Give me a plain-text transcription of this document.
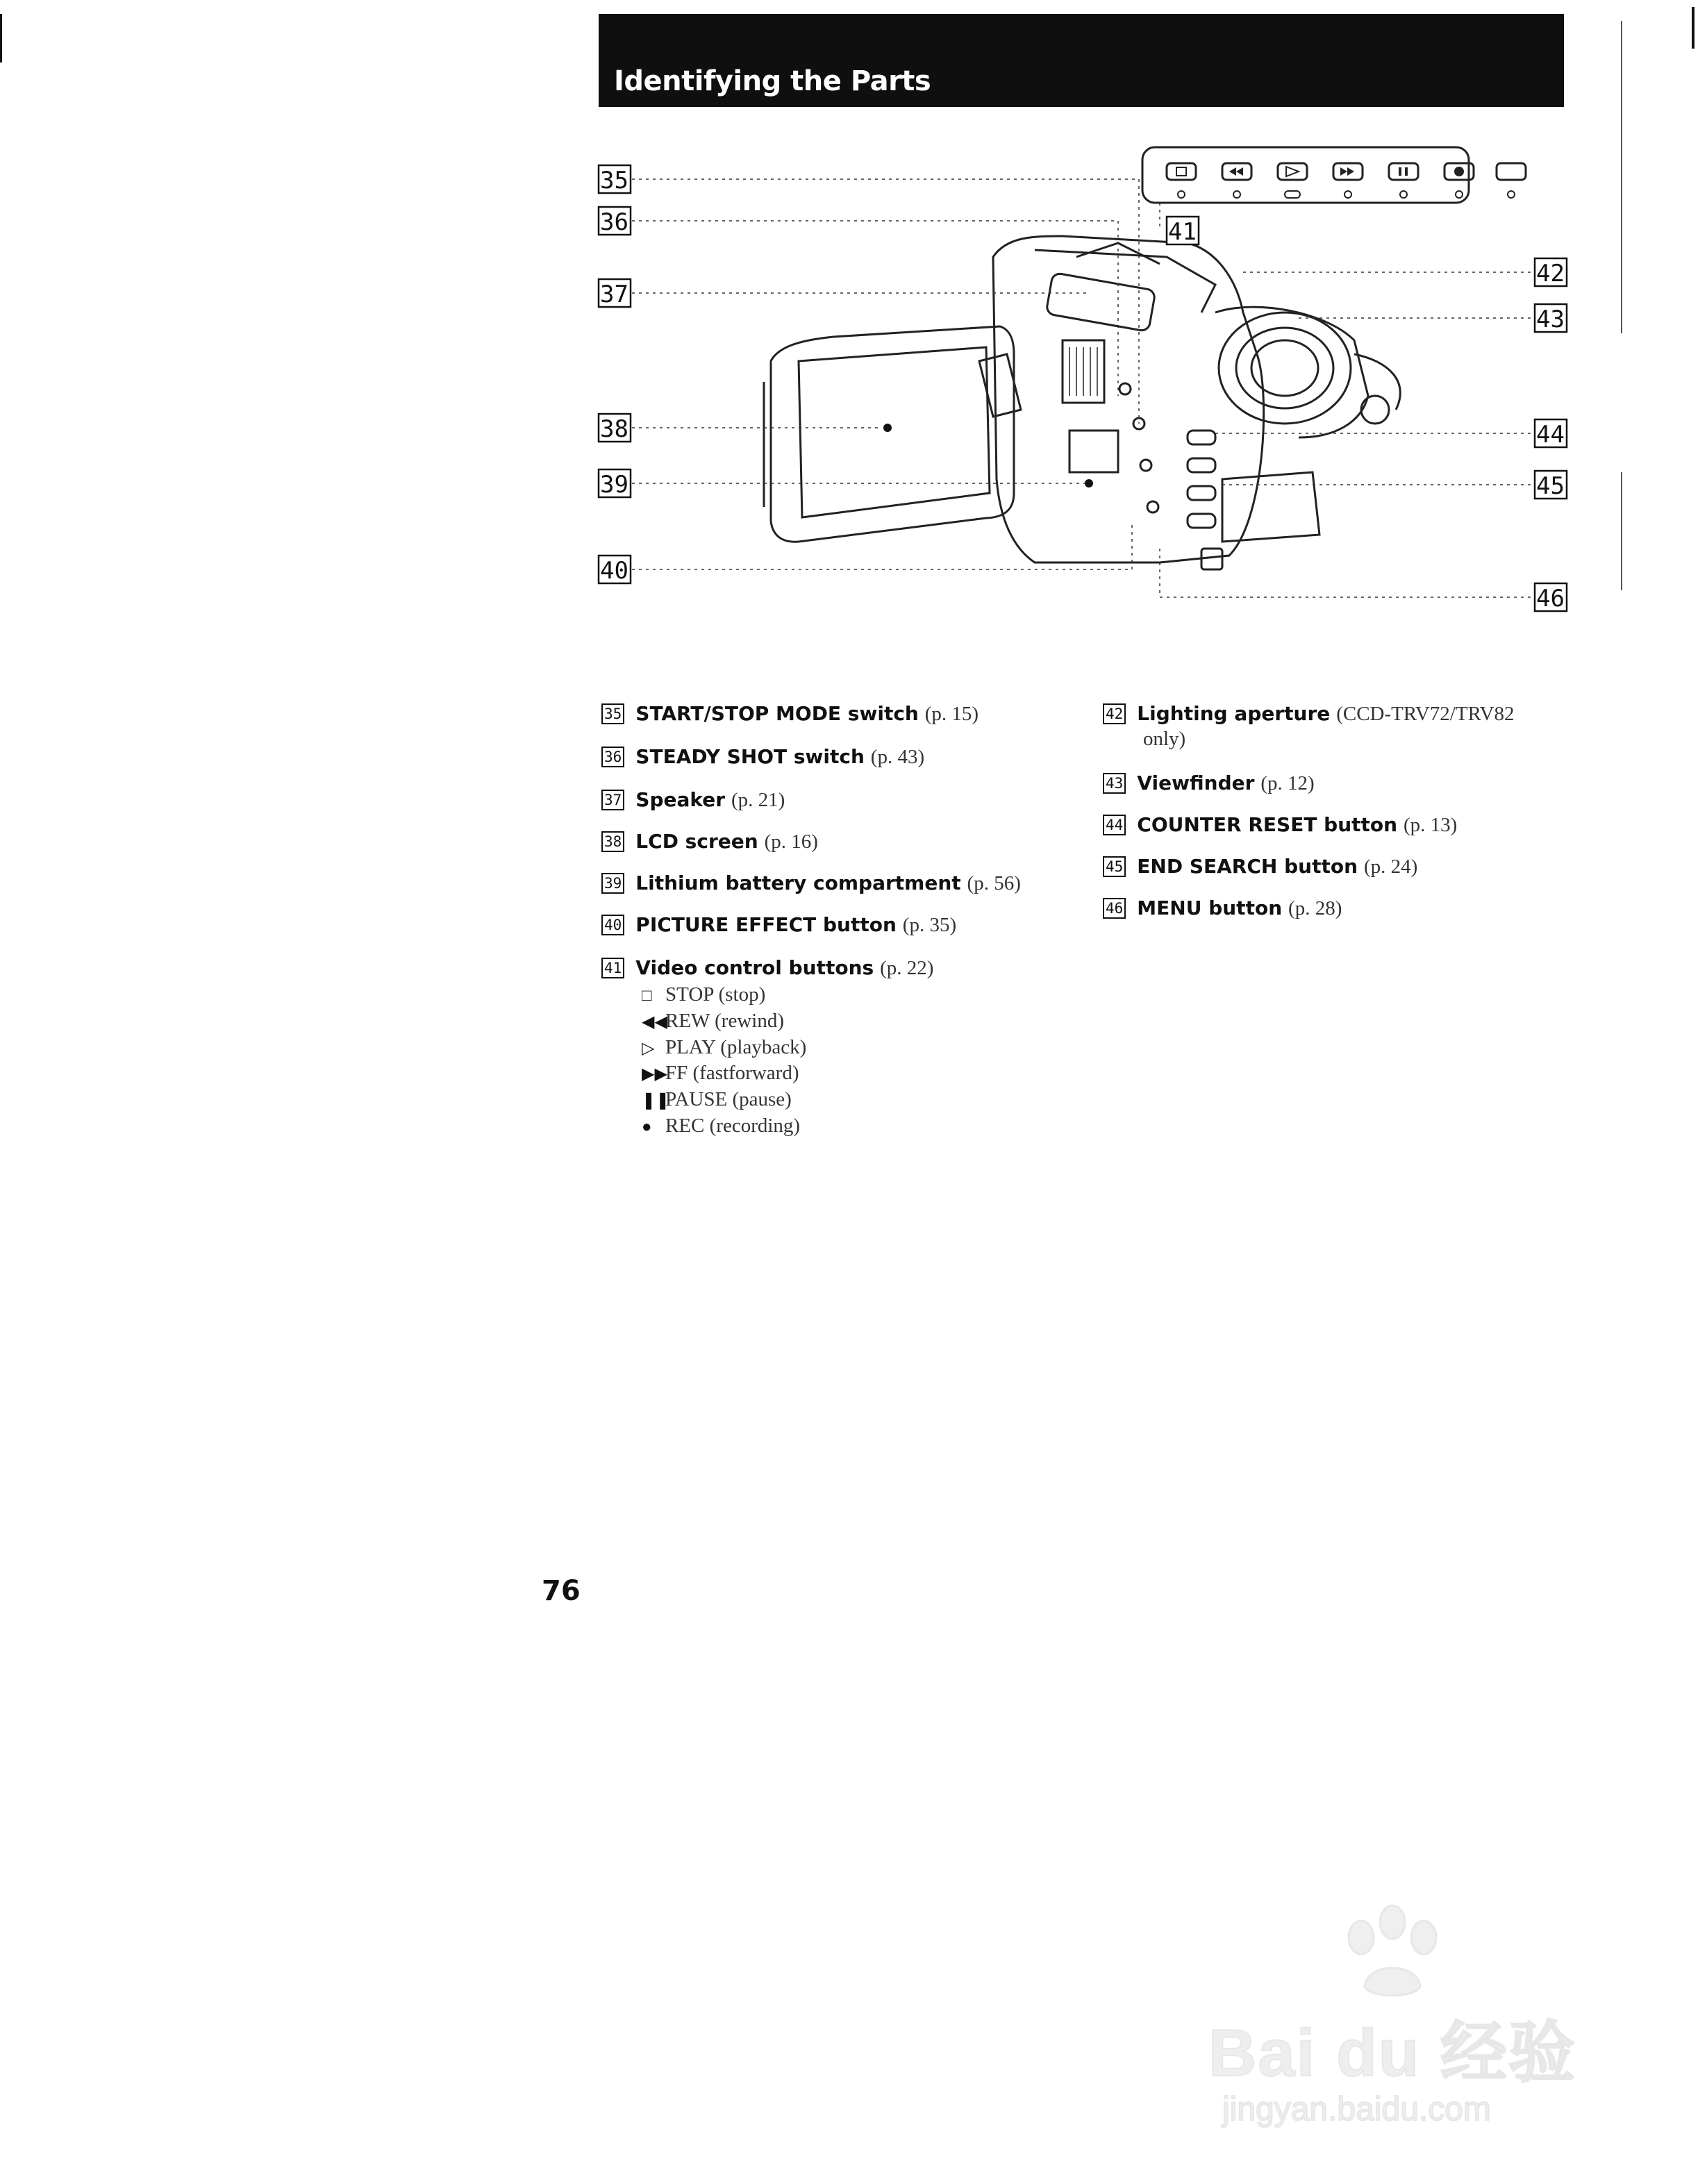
Identifying the Parts
35
36
37
38
39
40
41
42
43
44
45
46
35 START/STOP MODE switch (p. 15)
36 STEADY SHOT switch (p. 43)
37 Speaker (p. 21)
38 LCD screen (p. 16)
39 Lithium battery compartment (p. 56)
40 PICTURE EFFECT button (p. 35)
41 Video control buttons (p. 22)
□ STOP (stop)
◀◀REW (rewind)
▷ PLAY (playback)
▶▶FF (fastforward)
❚❚PAUSE (pause)
● REC (recording)
42 Lighting aperture (CCD-TRV72/TRV82
only)
43 Viewfinder (p. 12)
44 COUNTER RESET button (p. 13)
45 END SEARCH button (p. 24)
46 MENU button (p. 28)
76
Bai du 经验
jingyan.baidu.com
